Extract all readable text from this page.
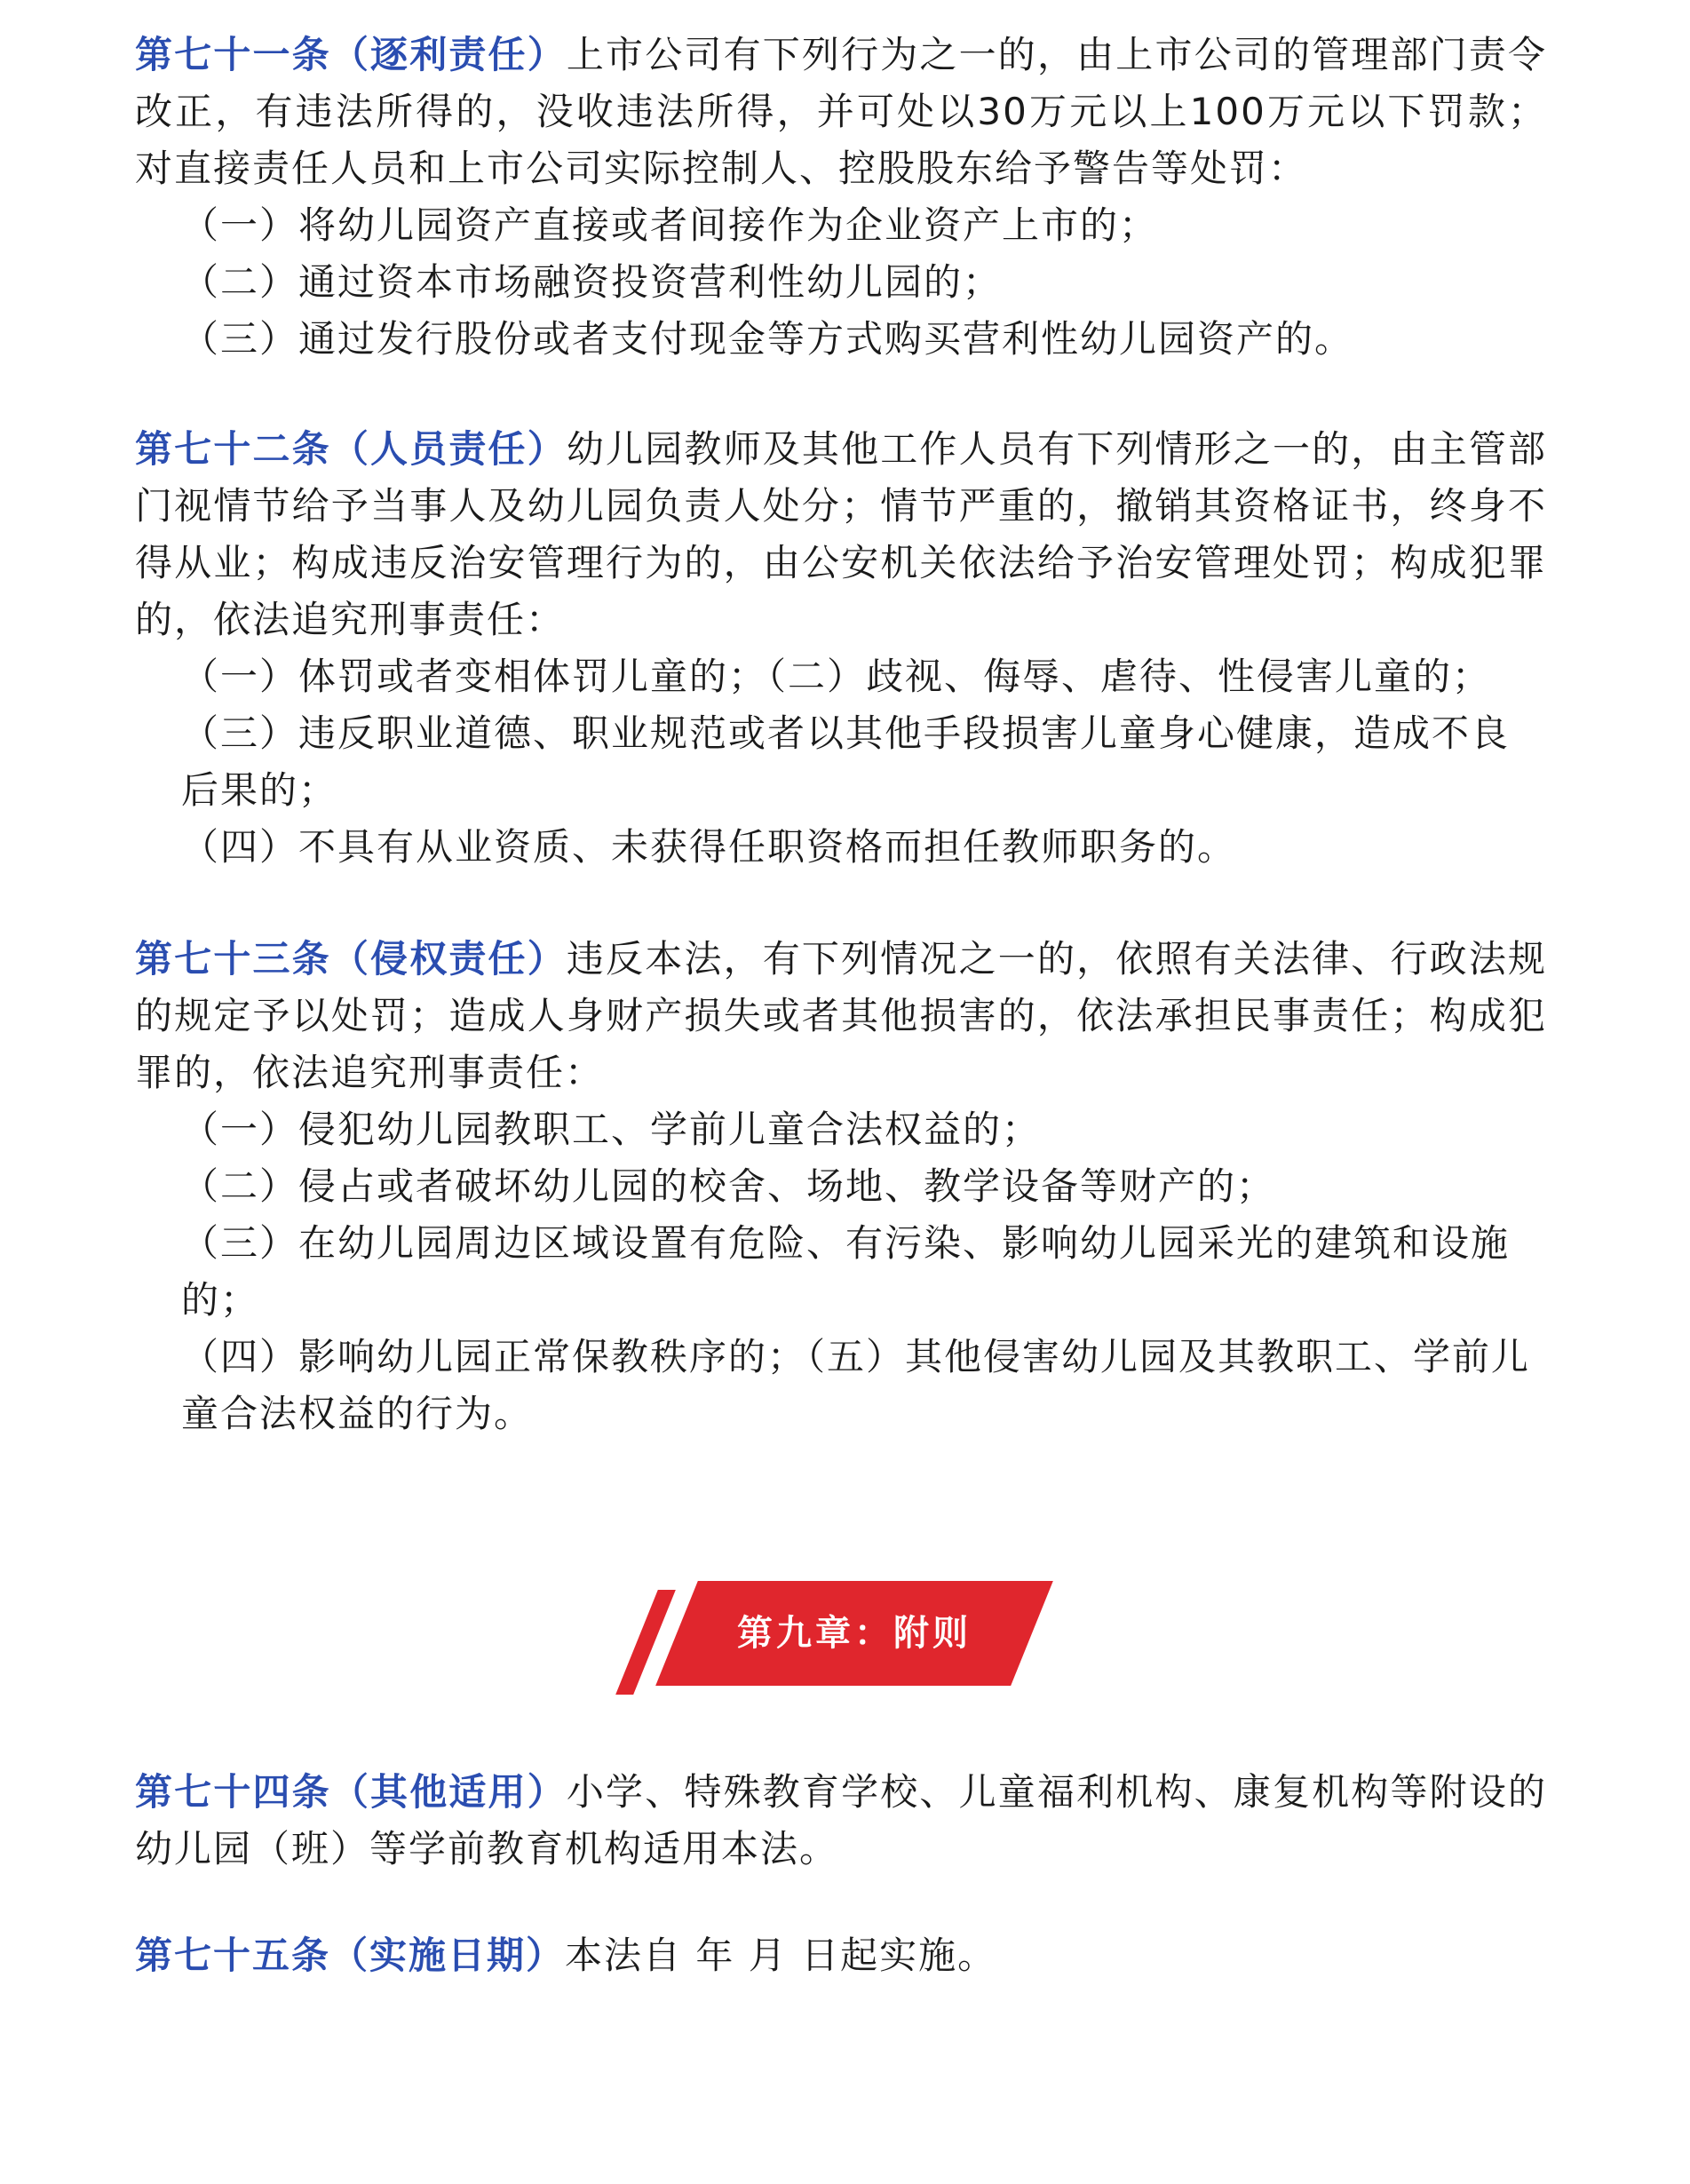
第七十一条（逐利责任）上市公司有下列行为之一的，由上市公司的管理部门责令改正，有违法所得的，没收违法所得，并可处以30万元以上100万元以下罚款；对直接责任人员和上市公司实际控制人、控股股东给予警告等处罚：

（一）将幼儿园资产直接或者间接作为企业资产上市的；
（二）通过资本市场融资投资营利性幼儿园的；
（三）通过发行股份或者支付现金等方式购买营利性幼儿园资产的。

第七十二条（人员责任）幼儿园教师及其他工作人员有下列情形之一的，由主管部门视情节给予当事人及幼儿园负责人处分；情节严重的，撤销其资格证书，终身不得从业；构成违反治安管理行为的，由公安机关依法给予治安管理处罚；构成犯罪的，依法追究刑事责任：

（一）体罚或者变相体罚儿童的；（二）歧视、侮辱、虐待、性侵害儿童的；
（三）违反职业道德、职业规范或者以其他手段损害儿童身心健康，造成不良后果的；
（四）不具有从业资质、未获得任职资格而担任教师职务的。

第七十三条（侵权责任）违反本法，有下列情况之一的，依照有关法律、行政法规的规定予以处罚；造成人身财产损失或者其他损害的，依法承担民事责任；构成犯罪的，依法追究刑事责任：

（一）侵犯幼儿园教职工、学前儿童合法权益的；
（二）侵占或者破坏幼儿园的校舍、场地、教学设备等财产的；
（三）在幼儿园周边区域设置有危险、有污染、影响幼儿园采光的建筑和设施的；
（四）影响幼儿园正常保教秩序的；（五）其他侵害幼儿园及其教职工、学前儿童合法权益的行为。
第九章：附则

第七十四条（其他适用）小学、特殊教育学校、儿童福利机构、康复机构等附设的幼儿园（班）等学前教育机构适用本法。

第七十五条（实施日期）本法自 年 月 日起实施。
